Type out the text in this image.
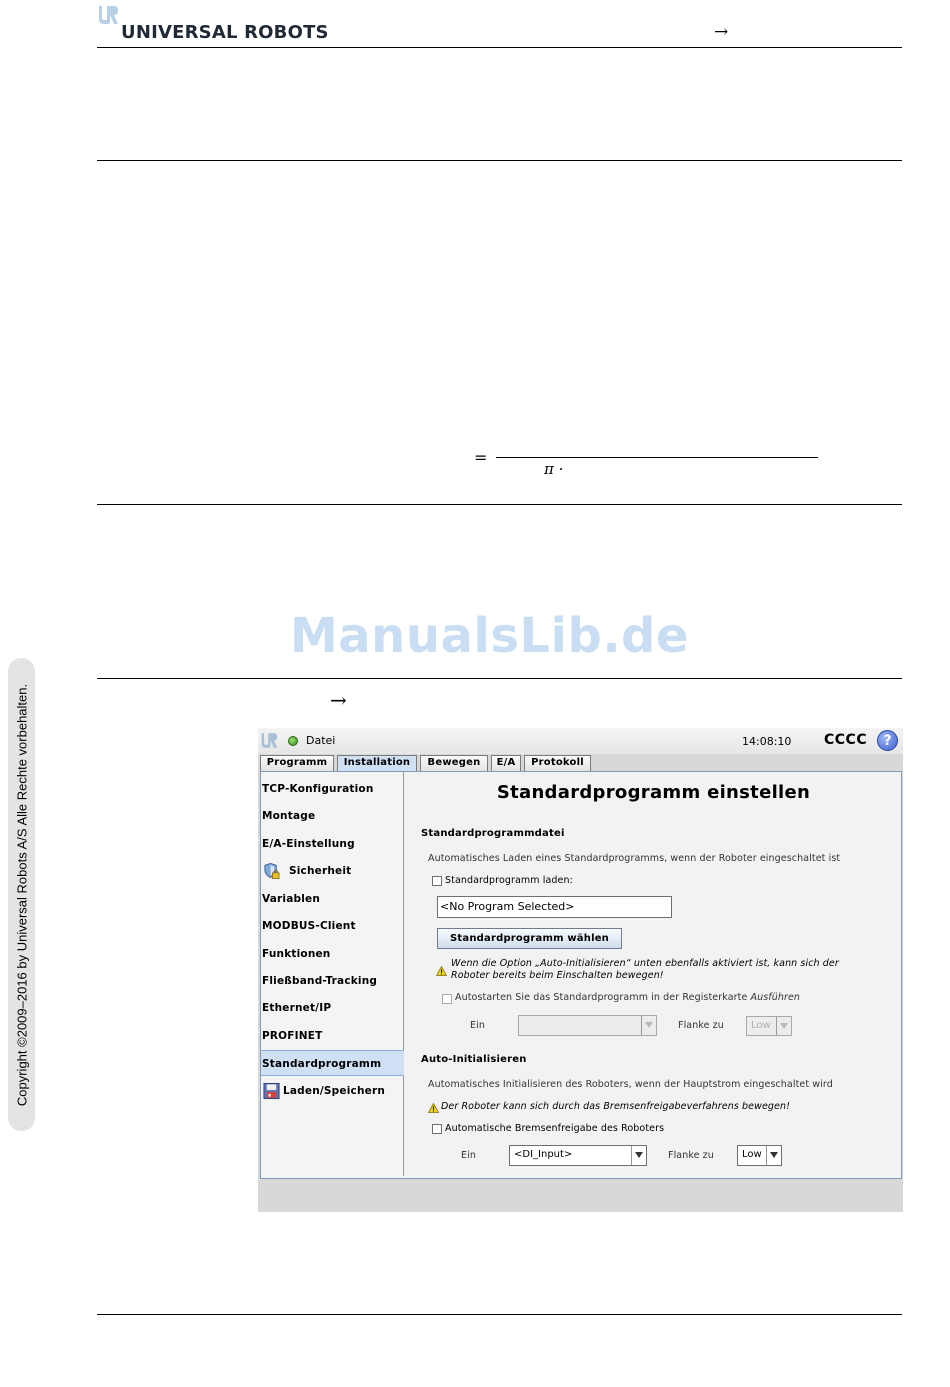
UNIVERSAL ROBOTS	→
=
π ·
ManualsLib.de
→
Copyright ©2009–2016 by Universal Robots A/S Alle Rechte vorbehalten.	Datei	14:08:10 CCCC	?
Programm	Installation	Bewegen	E/A	Protokoll
TCP-Konfiguration
Montage
E/A-Einstellung
Sicherheit
Variablen
MODBUS-Client
Funktionen
Fließband-Tracking
Ethernet/IP
PROFINET
Standardprogramm
Laden/Speichern
Standardprogramm einstellen
Standardprogrammdatei
Automatisches Laden eines Standardprogramms, wenn der Roboter eingeschaltet ist
Standardprogramm laden:
<No Program Selected>
Standardprogramm wählen
Wenn die Option „Auto-Initialisieren“ unten ebenfalls aktiviert ist, kann sich der
Roboter bereits beim Einschalten bewegen!
Autostarten Sie das Standardprogramm in der Registerkarte Ausführen
Ein	Flanke zu	Low
Auto-Initialisieren
Automatisches Initialisieren des Roboters, wenn der Hauptstrom eingeschaltet wird
Der Roboter kann sich durch das Bremsenfreigabeverfahrens bewegen!
Automatische Bremsenfreigabe des Roboters
Ein	<DI_Input>	Flanke zu	Low
